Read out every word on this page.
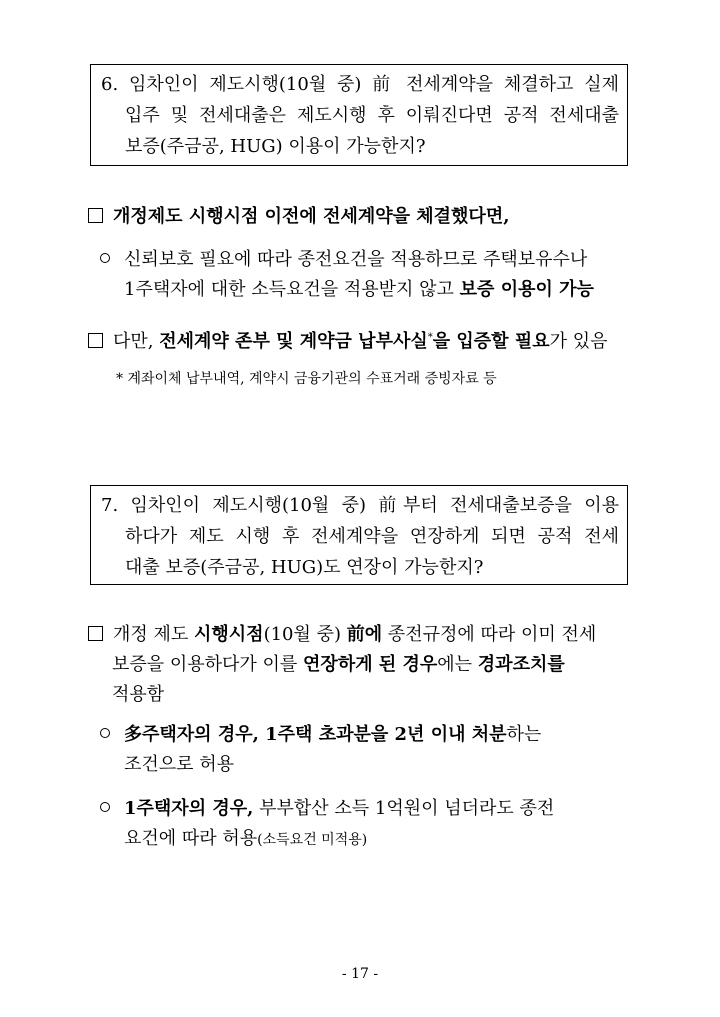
6. 임차인이 제도시행(10월 중) 前 전세계약을 체결하고 실제
입주 및 전세대출은 제도시행 후 이뤄진다면 공적 전세대출
보증(주금공, HUG) 이용이 가능한지?
개정제도 시행시점 이전에 전세계약을 체결했다면,
신뢰보호 필요에 따라 종전요건을 적용하므로 주택보유수나
1주택자에 대한 소득요건을 적용받지 않고 보증 이용이 가능
다만, 전세계약 존부 및 계약금 납부사실*을 입증할 필요가 있음
* 계좌이체 납부내역, 계약시 금융기관의 수표거래 증빙자료 등
7. 임차인이 제도시행(10월 중) 前부터 전세대출보증을 이용
하다가 제도 시행 후 전세계약을 연장하게 되면 공적 전세
대출 보증(주금공, HUG)도 연장이 가능한지?
개정 제도 시행시점(10월 중) 前에 종전규정에 따라 이미 전세
보증을 이용하다가 이를 연장하게 된 경우에는 경과조치를
적용함
多주택자의 경우, 1주택 초과분을 2년 이내 처분하는
조건으로 허용
1주택자의 경우, 부부합산 소득 1억원이 넘더라도 종전
요건에 따라 허용(소득요건 미적용)
- 17 -
